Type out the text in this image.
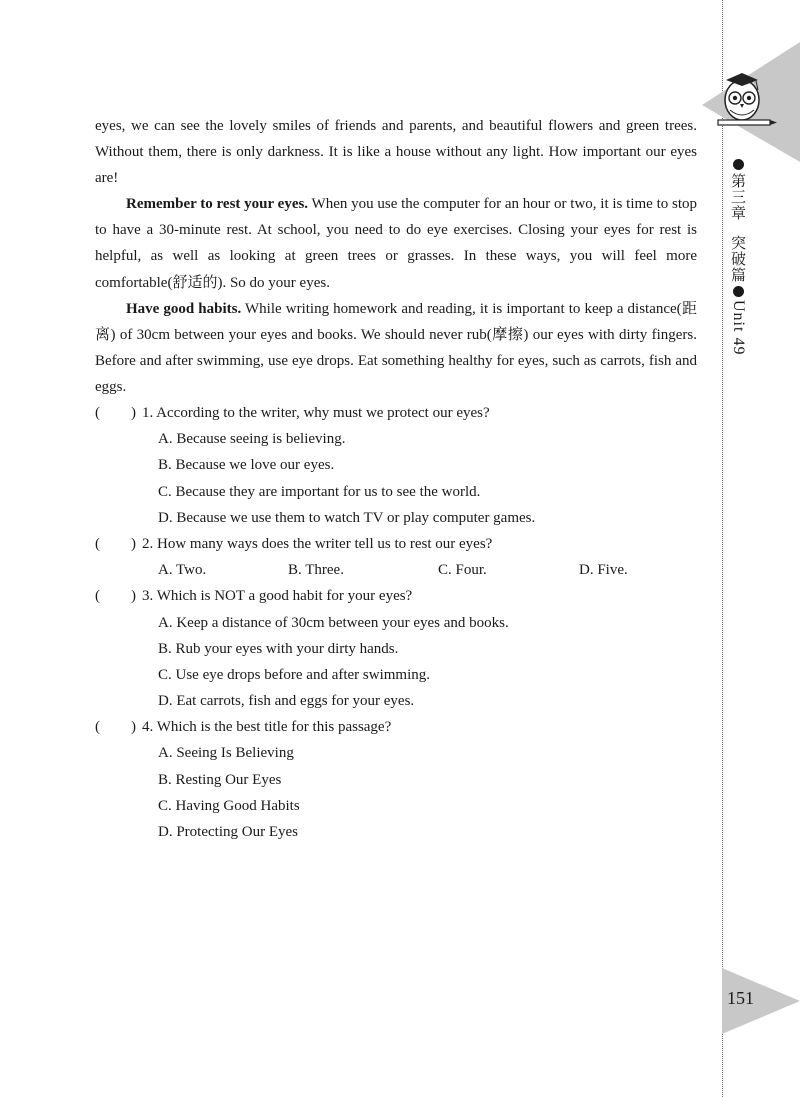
第三章突破篇Unit 49
151

eyes, we can see the lovely smiles of friends and parents, and beautiful flowers and green trees. Without them, there is only darkness. It is like a house without any light. How important our eyes are!

Remember to rest your eyes. When you use the computer for an hour or two, it is time to stop to have a 30-minute rest. At school, you need to do eye exercises. Closing your eyes for rest is helpful, as well as looking at green trees or grasses. In these ways, you will feel more comfortable(舒适的). So do your eyes.

Have good habits. While writing homework and reading, it is important to keep a distance(距离) of 30cm between your eyes and books. We should never rub(摩擦) our eyes with dirty fingers. Before and after swimming, use eye drops. Eat something healthy for eyes, such as carrots, fish and eggs.

( ) 1. According to the writer, why must we protect our eyes?
A. Because seeing is believing.
B. Because we love our eyes.
C. Because they are important for us to see the world.
D. Because we use them to watch TV or play computer games.
( ) 2. How many ways does the writer tell us to rest our eyes?
A. Two.	B. Three.	C. Four.	D. Five.
( ) 3. Which is NOT a good habit for your eyes?
A. Keep a distance of 30cm between your eyes and books.
B. Rub your eyes with your dirty hands.
C. Use eye drops before and after swimming.
D. Eat carrots, fish and eggs for your eyes.
( ) 4. Which is the best title for this passage?
A. Seeing Is Believing
B. Resting Our Eyes
C. Having Good Habits
D. Protecting Our Eyes
